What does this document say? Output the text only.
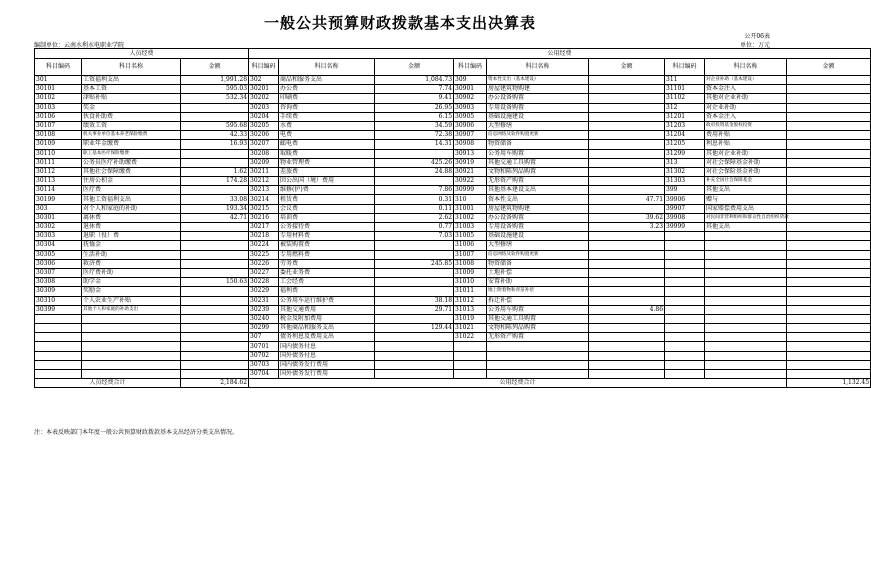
一般公共预算财政拨款基本支出决算表
公开06表
编制单位：云南水利水电职业学院	单位：万元
人员经费			公用经费								
科目编码	科目名称	金额	科目编码	科目名称	金额	科目编码	科目名称	金额	科目编码	科目名称	金额
301	工资福利支出	1,991.28	302	商品和服务支出	1,084.73	309	资本性支出（基本建设）		311	对企业补助（基本建设）	
30101	基本工资	595.03	30201	办公费	7.74	30901	房屋建筑物购建		31101	资本金注入	
30102	津贴补贴	532.34	30202	印刷费	9.41	30902	办公设备购置		31102	其他对企业补助	
30103	奖金		30203	咨询费	26.95	30903	专用设备购置		312	对企业补助	
30106	伙食补助费		30204	手续费	6.15	30905	基础设施建设		31201	资本金注入	
30107	绩效工资	595.68	30205	水费	34.59	30906	大型修缮		31203	政府投资基金股权投资	
30108	机关事业单位基本养老保险缴费	42.33	30206	电费	72.38	30907	信息网络及软件购置更新		31204	费用补贴	
30109	职业年金缴费	16.93	30207	邮电费	14.31	30908	物资储备		31205	利息补贴	
30110	职工基本医疗保险缴费		30208	取暖费		30913	公务用车购置		31299	其他对企业补助	
30111	公务员医疗补助缴费		30209	物业管理费	425.26	30919	其他交通工具购置		313	对社会保障基金补助	
30112	其他社会保障缴费	1.62	30211	差旅费	24.88	30921	文物和陈列品购置		31302	对社会保险基金补助	
30113	住房公积金	174.28	30212	因公出国（境）费用		30922	无形资产购置		31303	补充全国社会保障基金	
30114	医疗费		30213	维修(护)费	7.86	30999	其他基本建设支出		399	其他支出	
30199	其他工资福利支出	33.08	30214	租赁费	0.31	310	资本性支出	47.71	39906	赠与	
303	对个人和家庭的补助	193.34	30215	会议费	0.11	31001	房屋建筑物购建		39907	国家赔偿费用支出	
30301	离休费	42.71	30216	培训费	2.62	31002	办公设备购置	39.62	39908	对民间非营利组织和群众性自治组织贷款	
30302	退休费		30217	公务接待费	0.77	31003	专用设备购置	3.23	39999	其他支出	
30303	退职（役）费		30218	专用材料费	7.03	31005	基础设施建设				
30304	抚恤金		30224	被装购置费		31006	大型修缮				
30305	生活补助		30225	专用燃料费		31007	信息网络及软件购置更新				
30306	救济费		30226	劳务费	245.85	31008	物资储备				
30307	医疗费补助		30227	委托业务费		31009	土地补偿				
30308	助学金	150.63	30228	工会经费		31010	安置补助				
30309	奖励金		30229	福利费		31011	地上附着物和青苗补偿				
30310	个人农业生产补贴		30231	公务用车运行维护费	38.18	31012	拆迁补偿				
30399	其他个人和家庭的补助支出		30239	其他交通费用	29.71	31013	公务用车购置	4.86			
			30240	税金及附加费用		31019	其他交通工具购置				
			30299	其他商品和服务支出	129.44	31021	文物和陈列品购置				
			307	债务利息及费用支出		31022	无形资产购置				
			30701	国内债务付息							
			30702	国外债务付息							
			30703	国内债务发行费用							
			30704	国外债务发行费用							
人员经费合计		2,184.62	公用经费合计								1,132.45
注：本表反映部门本年度一般公共预算财政拨款基本支出经济分类支出情况。
